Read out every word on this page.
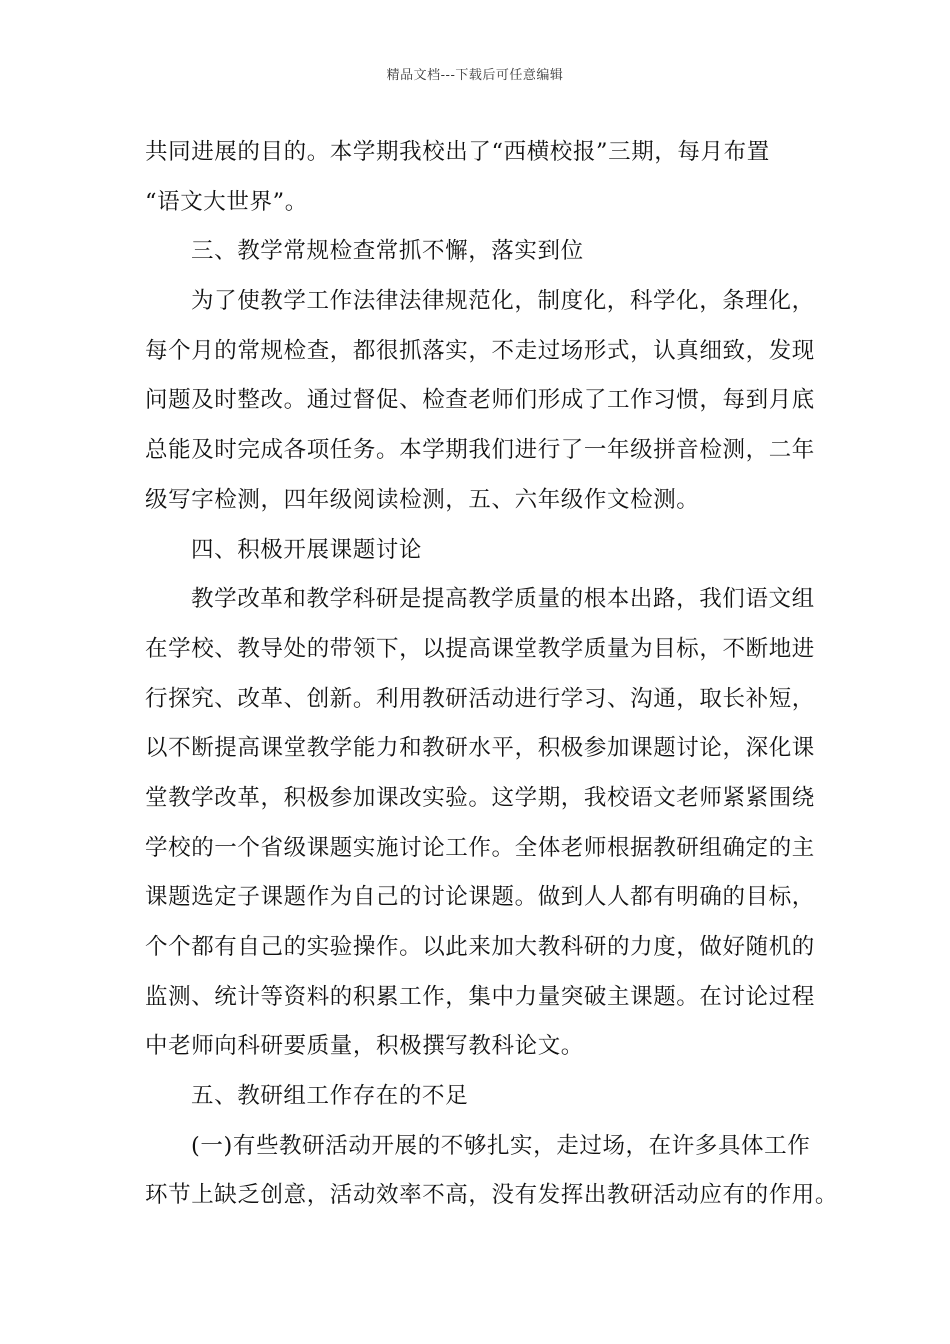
精品文档---下载后可任意编辑
共同进展的目的。本学期我校出了“西横校报”三期，每月布置
“语文大世界”。
三、教学常规检查常抓不懈，落实到位
为了使教学工作法律法律规范化，制度化，科学化，条理化，
每个月的常规检查，都很抓落实，不走过场形式，认真细致，发现
问题及时整改。通过督促、检查老师们形成了工作习惯，每到月底
总能及时完成各项任务。本学期我们进行了一年级拼音检测，二年
级写字检测，四年级阅读检测，五、六年级作文检测。
四、积极开展课题讨论
教学改革和教学科研是提高教学质量的根本出路，我们语文组
在学校、教导处的带领下，以提高课堂教学质量为目标，不断地进
行探究、改革、创新。利用教研活动进行学习、沟通，取长补短，
以不断提高课堂教学能力和教研水平，积极参加课题讨论，深化课
堂教学改革，积极参加课改实验。这学期，我校语文老师紧紧围绕
学校的一个省级课题实施讨论工作。全体老师根据教研组确定的主
课题选定子课题作为自己的讨论课题。做到人人都有明确的目标，
个个都有自己的实验操作。以此来加大教科研的力度，做好随机的
监测、统计等资料的积累工作，集中力量突破主课题。在讨论过程
中老师向科研要质量，积极撰写教科论文。
五、教研组工作存在的不足
(一)有些教研活动开展的不够扎实，走过场，在许多具体工作
环节上缺乏创意，活动效率不高，没有发挥出教研活动应有的作用。
